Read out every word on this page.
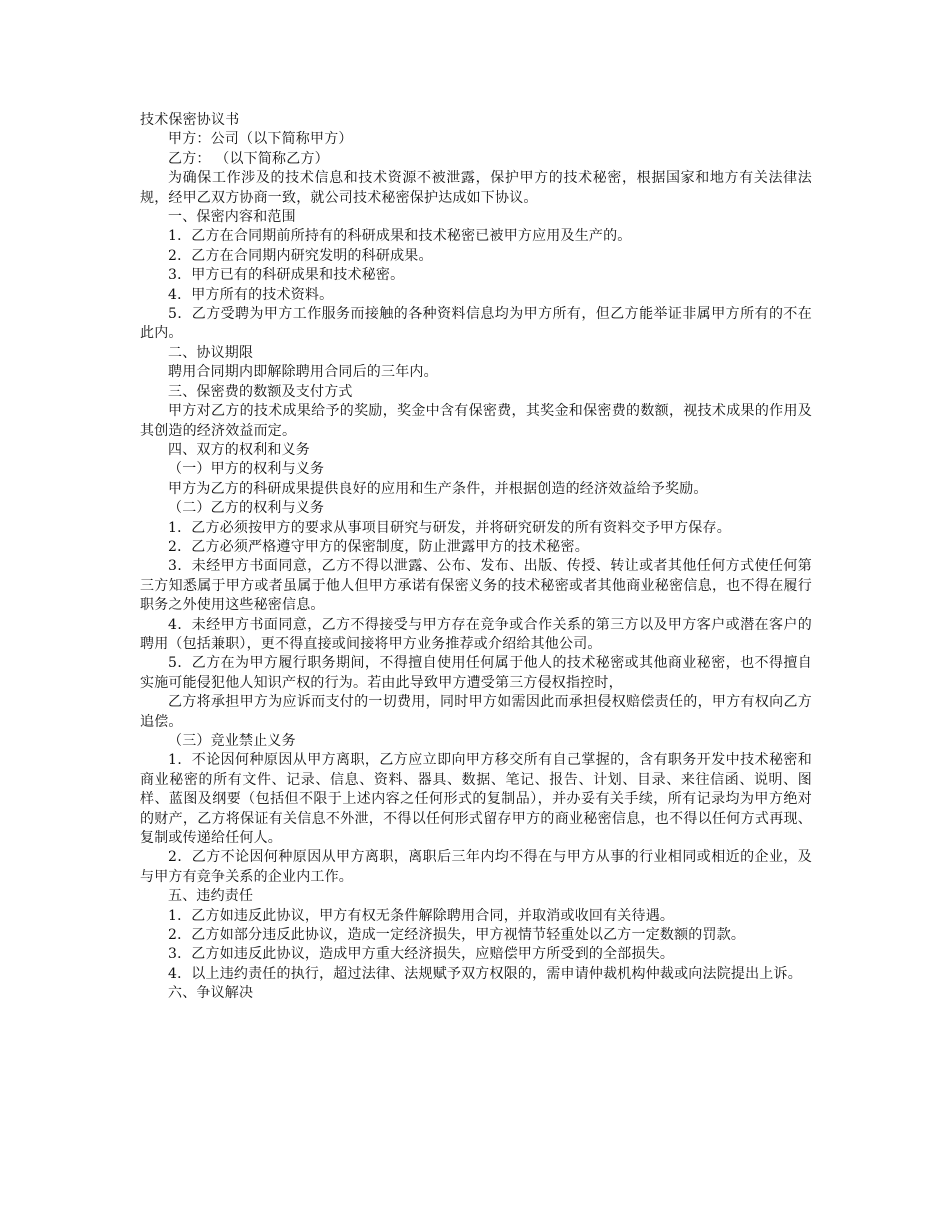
技术保密协议书

甲方：公司（以下简称甲方）

乙方： （以下简称乙方）

为确保工作涉及的技术信息和技术资源不被泄露，保护甲方的技术秘密，根据国家和地方有关法律法规，经甲乙双方协商一致，就公司技术秘密保护达成如下协议。

一、保密内容和范围

1．乙方在合同期前所持有的科研成果和技术秘密已被甲方应用及生产的。

2．乙方在合同期内研究发明的科研成果。

3．甲方已有的科研成果和技术秘密。

4．甲方所有的技术资料。

5．乙方受聘为甲方工作服务而接触的各种资料信息均为甲方所有，但乙方能举证非属甲方所有的不在此内。

二、协议期限

聘用合同期内即解除聘用合同后的三年内。

三、保密费的数额及支付方式

甲方对乙方的技术成果给予的奖励，奖金中含有保密费，其奖金和保密费的数额，视技术成果的作用及其创造的经济效益而定。

四、双方的权利和义务

（一）甲方的权利与义务

甲方为乙方的科研成果提供良好的应用和生产条件，并根据创造的经济效益给予奖励。

（二）乙方的权利与义务

1．乙方必须按甲方的要求从事项目研究与研发，并将研究研发的所有资料交予甲方保存。

2．乙方必须严格遵守甲方的保密制度，防止泄露甲方的技术秘密。

3．未经甲方书面同意，乙方不得以泄露、公布、发布、出版、传授、转让或者其他任何方式使任何第三方知悉属于甲方或者虽属于他人但甲方承诺有保密义务的技术秘密或者其他商业秘密信息，也不得在履行职务之外使用这些秘密信息。

4．未经甲方书面同意，乙方不得接受与甲方存在竞争或合作关系的第三方以及甲方客户或潜在客户的聘用（包括兼职），更不得直接或间接将甲方业务推荐或介绍给其他公司。

5．乙方在为甲方履行职务期间，不得擅自使用任何属于他人的技术秘密或其他商业秘密，也不得擅自实施可能侵犯他人知识产权的行为。若由此导致甲方遭受第三方侵权指控时，

乙方将承担甲方为应诉而支付的一切费用，同时甲方如需因此而承担侵权赔偿责任的，甲方有权向乙方追偿。

（三）竞业禁止义务

1．不论因何种原因从甲方离职，乙方应立即向甲方移交所有自己掌握的，含有职务开发中技术秘密和商业秘密的所有文件、记录、信息、资料、器具、数据、笔记、报告、计划、目录、来往信函、说明、图样、蓝图及纲要（包括但不限于上述内容之任何形式的复制品），并办妥有关手续，所有记录均为甲方绝对的财产，乙方将保证有关信息不外泄，不得以任何形式留存甲方的商业秘密信息，也不得以任何方式再现、复制或传递给任何人。

2．乙方不论因何种原因从甲方离职，离职后三年内均不得在与甲方从事的行业相同或相近的企业，及与甲方有竞争关系的企业内工作。

五、违约责任

1．乙方如违反此协议，甲方有权无条件解除聘用合同，并取消或收回有关待遇。

2．乙方如部分违反此协议，造成一定经济损失，甲方视情节轻重处以乙方一定数额的罚款。

3．乙方如违反此协议，造成甲方重大经济损失，应赔偿甲方所受到的全部损失。

4．以上违约责任的执行，超过法律、法规赋予双方权限的，需申请仲裁机构仲裁或向法院提出上诉。

六、争议解决
